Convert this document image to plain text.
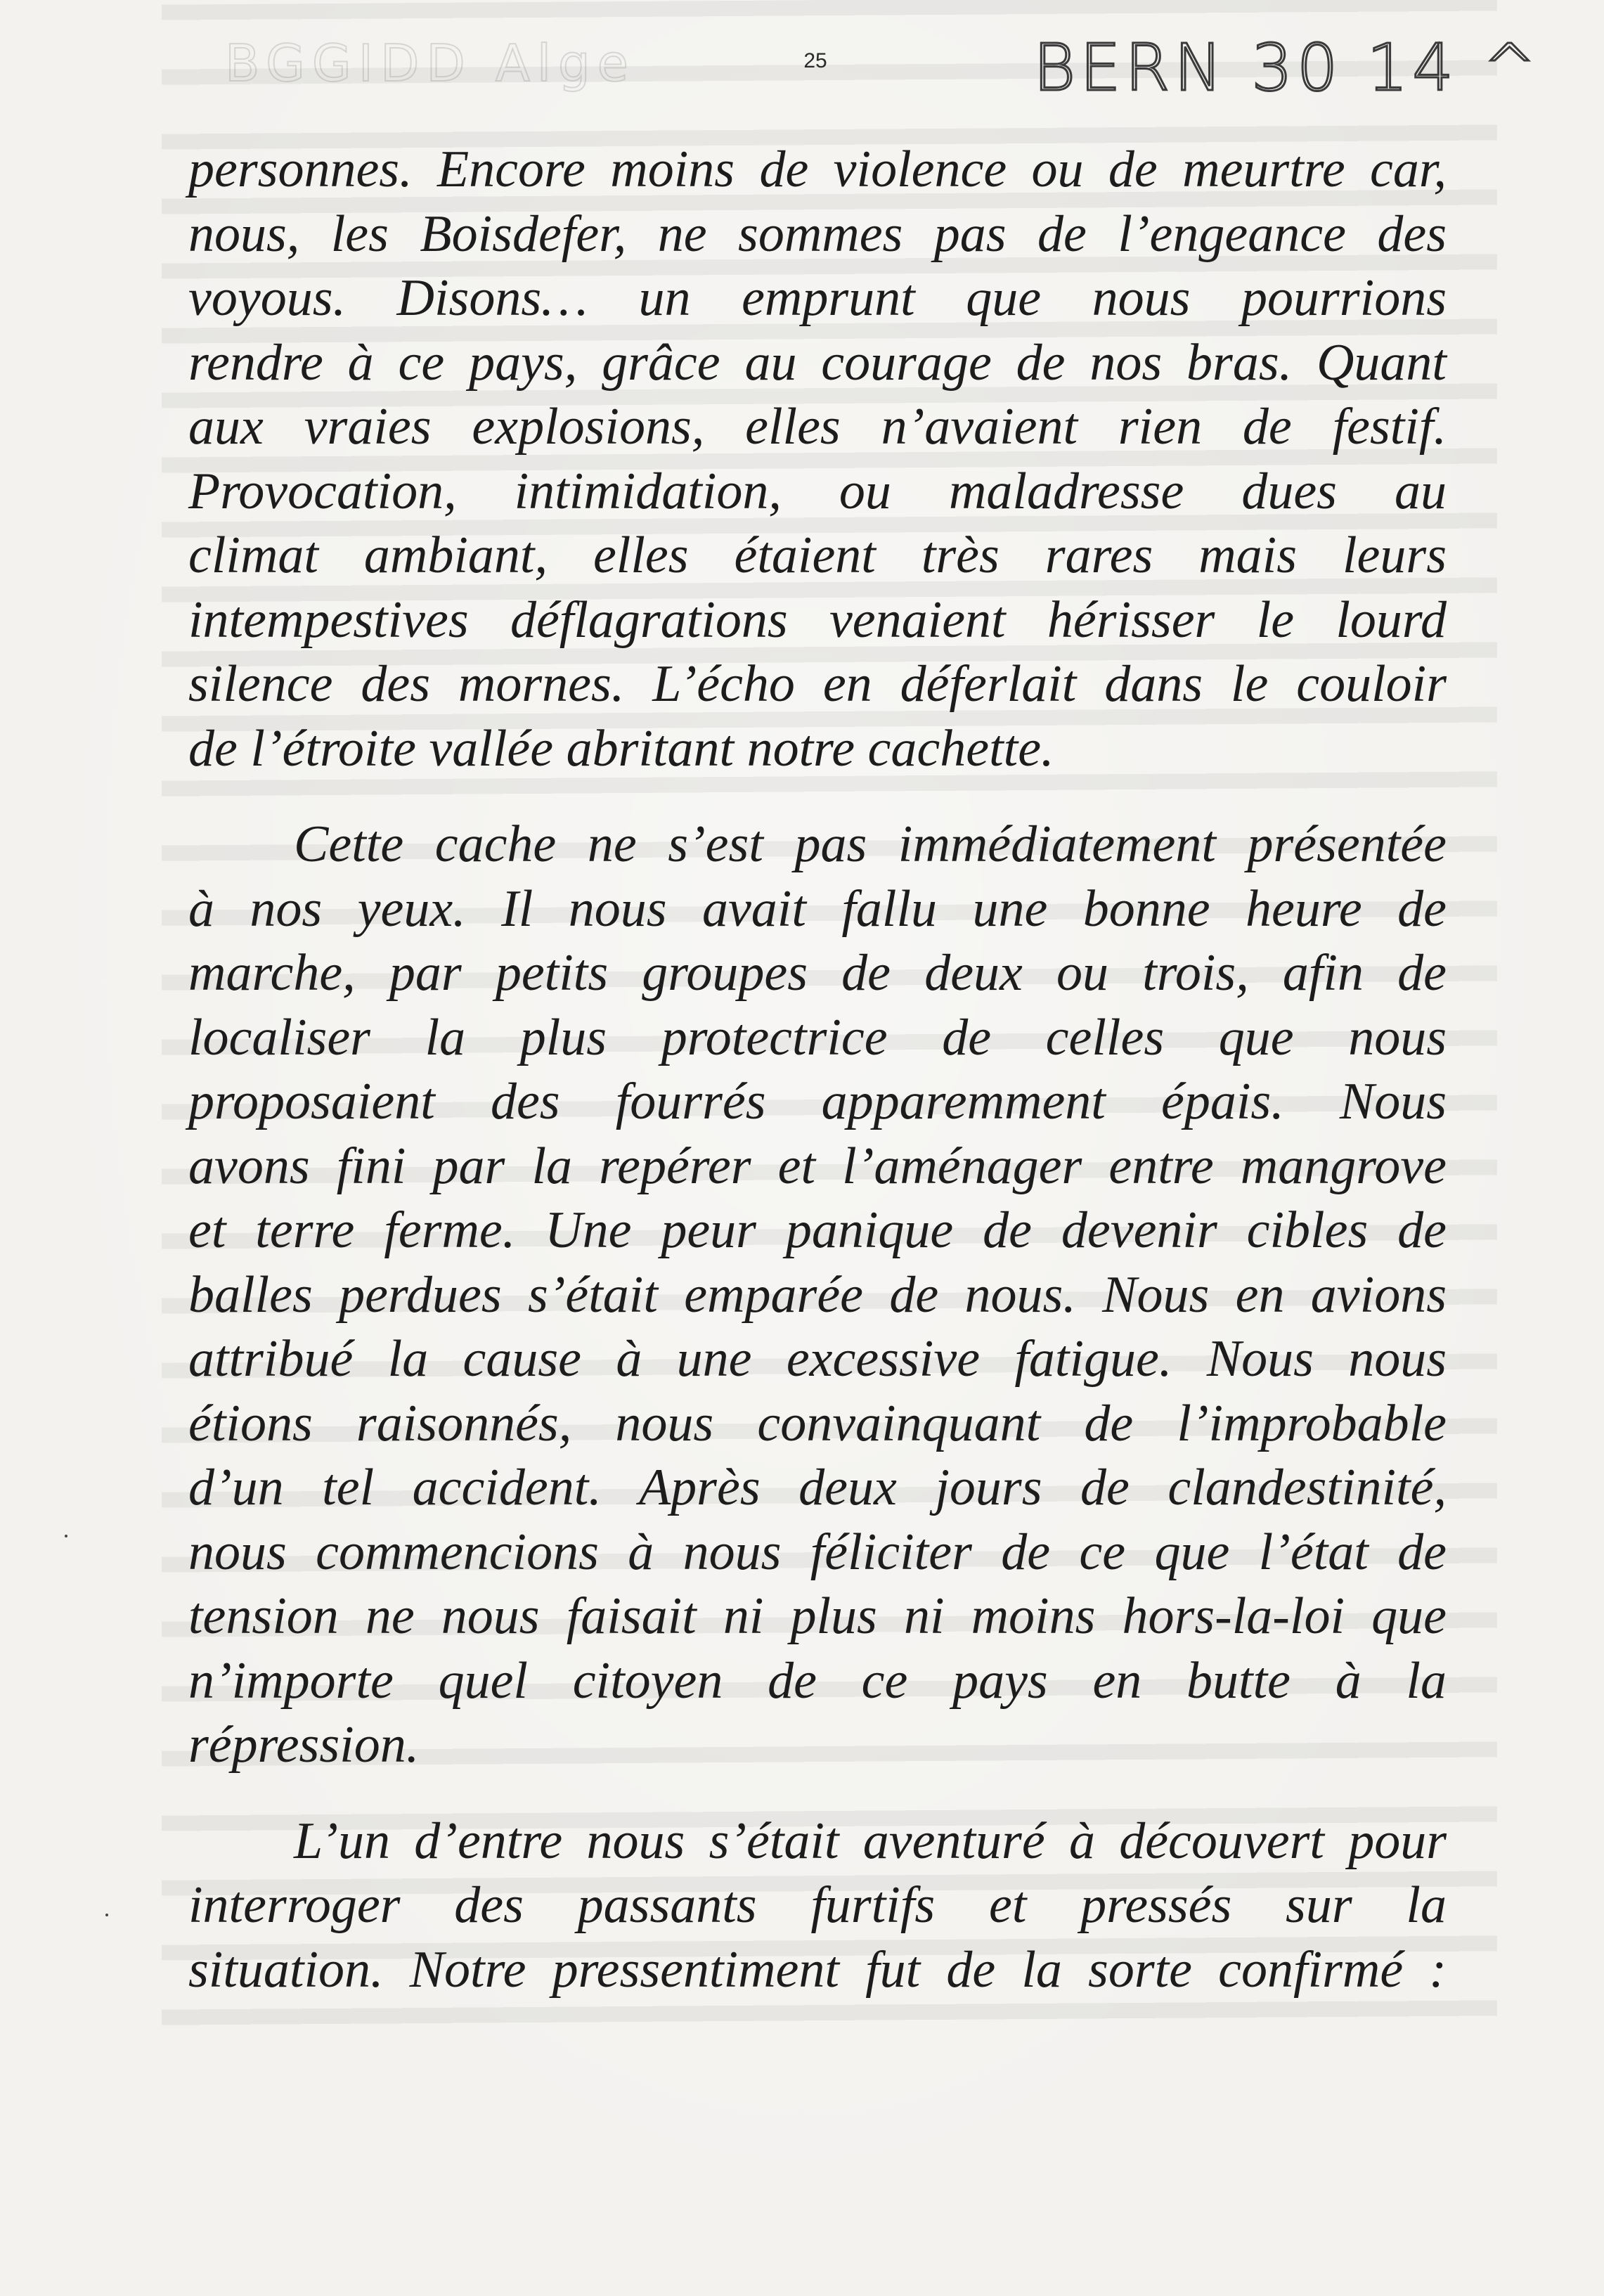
BGGIDD Alge	25	BERN 30 14 ^
personnes. Encore moins de violence ou de meurtre car,
nous, les Boisdefer, ne sommes pas de l’engeance des
voyous. Disons… un emprunt que nous pourrions
rendre à ce pays, grâce au courage de nos bras. Quant
aux vraies explosions, elles n’avaient rien de festif.
Provocation, intimidation, ou maladresse dues au
climat ambiant, elles étaient très rares mais leurs
intempestives déflagrations venaient hérisser le lourd
silence des mornes. L’écho en déferlait dans le couloir
de l’étroite vallée abritant notre cachette.
Cette cache ne s’est pas immédiatement présentée
à nos yeux. Il nous avait fallu une bonne heure de
marche, par petits groupes de deux ou trois, afin de
localiser la plus protectrice de celles que nous
proposaient des fourrés apparemment épais. Nous
avons fini par la repérer et l’aménager entre mangrove
et terre ferme. Une peur panique de devenir cibles de
balles perdues s’était emparée de nous. Nous en avions
attribué la cause à une excessive fatigue. Nous nous
étions raisonnés, nous convainquant de l’improbable
d’un tel accident. Après deux jours de clandestinité,
nous commencions à nous féliciter de ce que l’état de
tension ne nous faisait ni plus ni moins hors-la-loi que
n’importe quel citoyen de ce pays en butte à la
répression.
L’un d’entre nous s’était aventuré à découvert pour
interroger des passants furtifs et pressés sur la
situation. Notre pressentiment fut de la sorte confirmé :
